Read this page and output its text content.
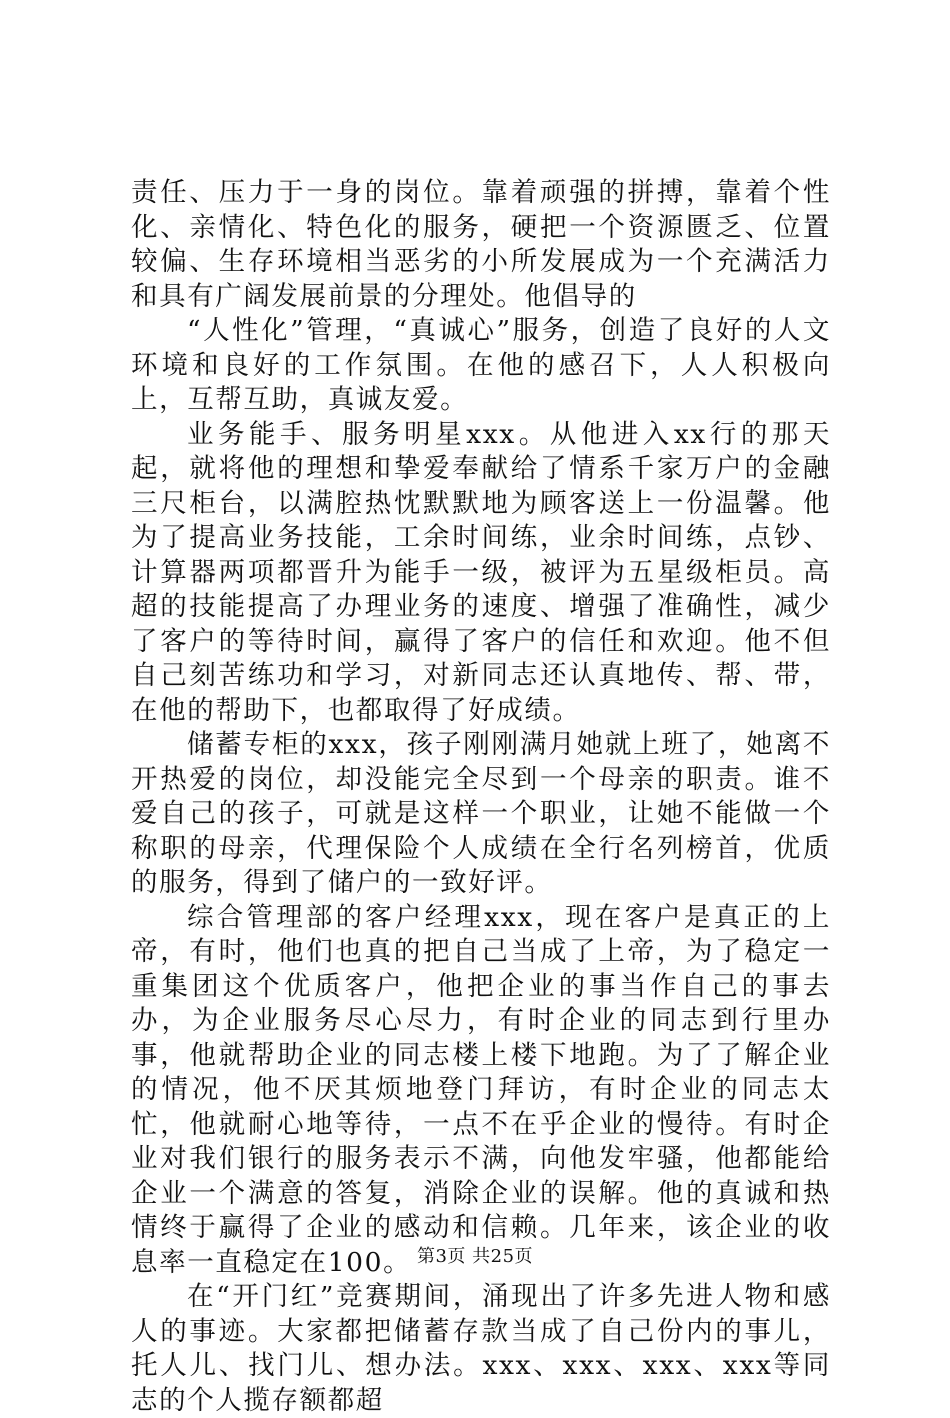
责任、压力于一身的岗位。靠着顽强的拼搏，靠着个性化、亲情化、特色化的服务，硬把一个资源匮乏、位置较偏、生存环境相当恶劣的小所发展成为一个充满活力和具有广阔发展前景的分理处。他倡导的

“人性化”管理，“真诚心”服务，创造了良好的人文环境和良好的工作氛围。在他的感召下，人人积极向上，互帮互助，真诚友爱。

业务能手、服务明星xxx。从他进入xx行的那天起，就将他的理想和挚爱奉献给了情系千家万户的金融三尺柜台，以满腔热忱默默地为顾客送上一份温馨。他为了提高业务技能，工余时间练，业余时间练，点钞、计算器两项都晋升为能手一级，被评为五星级柜员。高超的技能提高了办理业务的速度、增强了准确性，减少了客户的等待时间，赢得了客户的信任和欢迎。他不但自己刻苦练功和学习，对新同志还认真地传、帮、带，在他的帮助下，也都取得了好成绩。

储蓄专柜的xxx，孩子刚刚满月她就上班了，她离不开热爱的岗位，却没能完全尽到一个母亲的职责。谁不爱自己的孩子，可就是这样一个职业，让她不能做一个称职的母亲，代理保险个人成绩在全行名列榜首，优质的服务，得到了储户的一致好评。

综合管理部的客户经理xxx，现在客户是真正的上帝，有时，他们也真的把自己当成了上帝，为了稳定一重集团这个优质客户，他把企业的事当作自己的事去办，为企业服务尽心尽力，有时企业的同志到行里办事，他就帮助企业的同志楼上楼下地跑。为了了解企业的情况，他不厌其烦地登门拜访，有时企业的同志太忙，他就耐心地等待，一点不在乎企业的慢待。有时企业对我们银行的服务表示不满，向他发牢骚，他都能给企业一个满意的答复，消除企业的误解。他的真诚和热情终于赢得了企业的感动和信赖。几年来，该企业的收息率一直稳定在100。

在“开门红”竞赛期间，涌现出了许多先进人物和感人的事迹。大家都把储蓄存款当成了自己份内的事儿，托人儿、找门儿、想办法。xxx、xxx、xxx、xxx等同志的个人揽存额都超

第3页 共25页
